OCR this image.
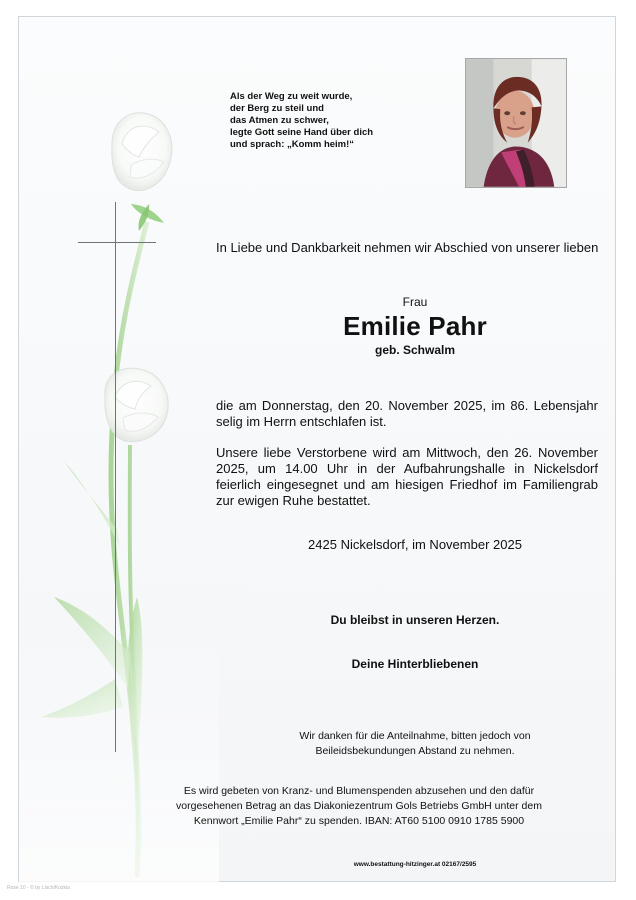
Als der Weg zu weit wurde,
der Berg zu steil und
das Atmen zu schwer,
legte Gott seine Hand über dich
und sprach: „Komm heim!“
In Liebe und Dankbarkeit nehmen wir Abschied von unserer lieben
Frau
Emilie Pahr
geb. Schwalm
die am Donnerstag, den 20. November 2025, im 86. Lebensjahr selig im Herrn entschlafen ist.
Unsere liebe Verstorbene wird am Mittwoch, den 26. November 2025, um 14.00 Uhr in der Aufbahrungshalle in Nickelsdorf feierlich eingesegnet und am hiesigen Friedhof im Familiengrab zur ewigen Ruhe bestattet.
2425 Nickelsdorf, im November 2025
Du bleibst in unseren Herzen.
Deine Hinterbliebenen
Wir danken für die Anteilnahme, bitten jedoch von
Beileidsbekundungen Abstand zu nehmen.
Es wird gebeten von Kranz- und Blumenspenden abzusehen und den dafür
vorgesehenen Betrag an das Diakoniezentrum Gols Betriebs GmbH unter dem
Kennwort „Emilie Pahr“ zu spenden. IBAN: AT60 5100 0910 1785 5900
www.bestattung-hitzinger.at 02167/2595
Rose 10 - © by Lisch/Kozkia
